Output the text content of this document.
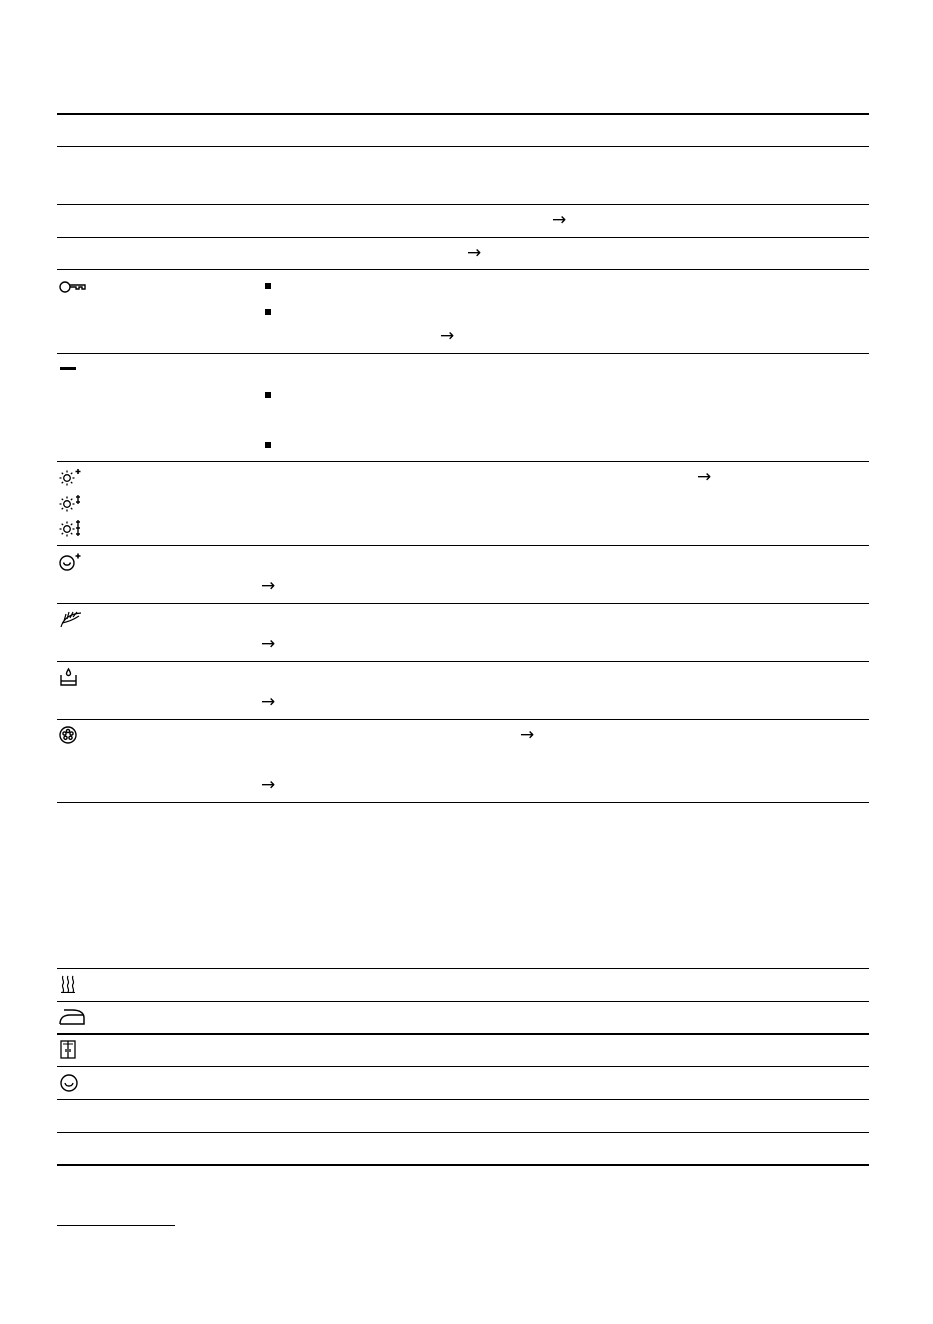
→
→
→
→
→
→
→
→
→
